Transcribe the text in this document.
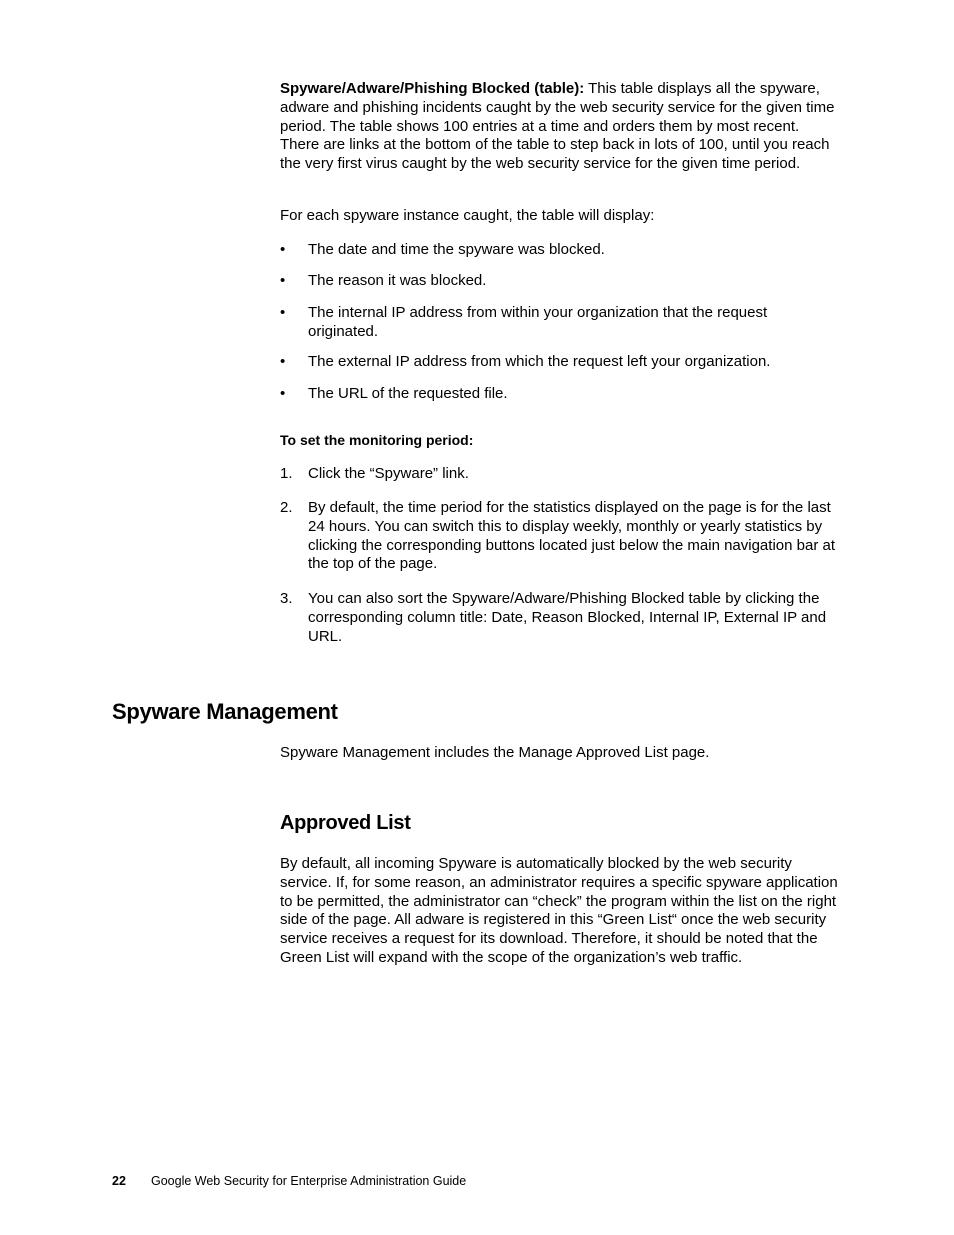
Spyware/Adware/Phishing Blocked (table): This table displays all the spyware, adware and phishing incidents caught by the web security service for the given time period. The table shows 100 entries at a time and orders them by most recent. There are links at the bottom of the table to step back in lots of 100, until you reach the very first virus caught by the web security service for the given time period.

For each spyware instance caught, the table will display:

• The date and time the spyware was blocked.
• The reason it was blocked.
• The internal IP address from within your organization that the request originated.
• The external IP address from which the request left your organization.
• The URL of the requested file.
To set the monitoring period:
1. Click the “Spyware” link.
2. By default, the time period for the statistics displayed on the page is for the last 24 hours. You can switch this to display weekly, monthly or yearly statistics by clicking the corresponding buttons located just below the main navigation bar at the top of the page.
3. You can also sort the Spyware/Adware/Phishing Blocked table by clicking the corresponding column title: Date, Reason Blocked, Internal IP, External IP and URL.
Spyware Management

Spyware Management includes the Manage Approved List page.

Approved List

By default, all incoming Spyware is automatically blocked by the web security service. If, for some reason, an administrator requires a specific spyware application to be permitted, the administrator can “check” the program within the list on the right side of the page. All adware is registered in this “Green List“ once the web security service receives a request for its download. Therefore, it should be noted that the Green List will expand with the scope of the organization’s web traffic.

22 Google Web Security for Enterprise Administration Guide
